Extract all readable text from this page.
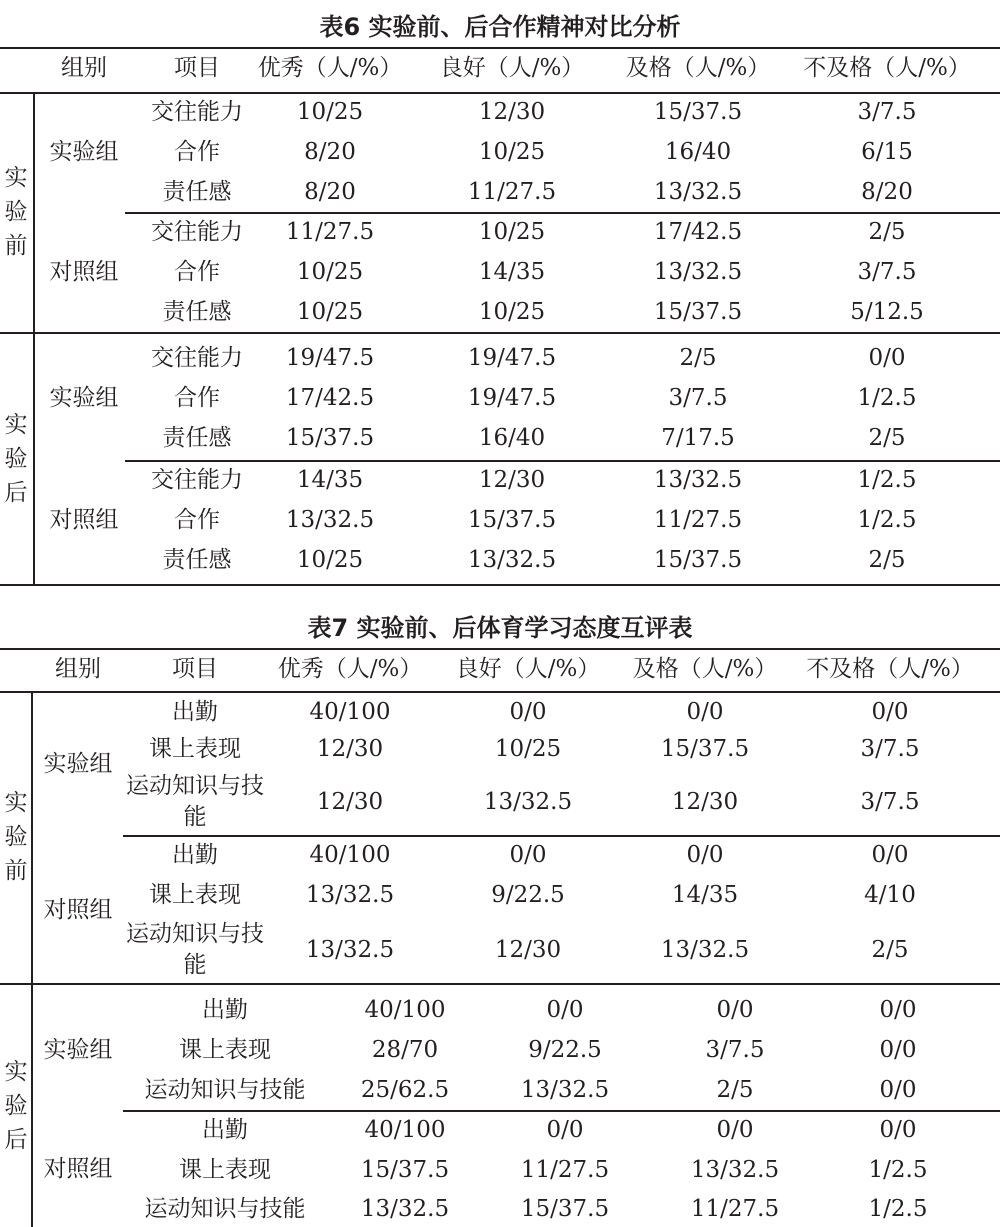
表6 实验前、后合作精神对比分析
组别	项目 优秀（人/%） 良好（人/%） 及格（人/%） 不及格（人/%）
实验前
实验组
交往能力 10/25	12/30	15/37.5	3/7.5
合作	8/20	10/25	16/40	6/15
责任感	8/20	11/27.5	13/32.5	8/20
对照组
交往能力 11/27.5	10/25	17/42.5	2/5
合作	10/25	14/35	13/32.5	3/7.5
责任感	10/25	10/25	15/37.5	5/12.5
实验后
实验组
交往能力 19/47.5	19/47.5	2/5	0/0
合作	17/42.5	19/47.5	3/7.5	1/2.5
责任感 15/37.5	16/40	7/17.5	2/5
对照组
交往能力 14/35	12/30	13/32.5	1/2.5
合作	13/32.5	15/37.5	11/27.5	1/2.5
责任感	10/25	13/32.5	15/37.5	2/5
表7 实验前、后体育学习态度互评表
组别	项目	优秀（人/%） 良好（人/%） 及格（人/%） 不及格（人/%）
实验前
实验组
出勤	40/100	0/0	0/0	0/0
课上表现	12/30	10/25	15/37.5	3/7.5
运动知识与技能
12/30	13/32.5	12/30	3/7.5
对照组
出勤	40/100	0/0	0/0	0/0
课上表现	13/32.5	9/22.5	14/35	4/10
运动知识与技能
13/32.5	12/30	13/32.5	2/5
实验后
实验组
出勤	40/100	0/0	0/0	0/0
课上表现	28/70	9/22.5	3/7.5	0/0
运动知识与技能 25/62.5	13/32.5	2/5	0/0
对照组
出勤	40/100	0/0	0/0	0/0
课上表现	15/37.5	11/27.5	13/32.5	1/2.5
运动知识与技能 13/32.5	15/37.5	11/27.5	1/2.5
